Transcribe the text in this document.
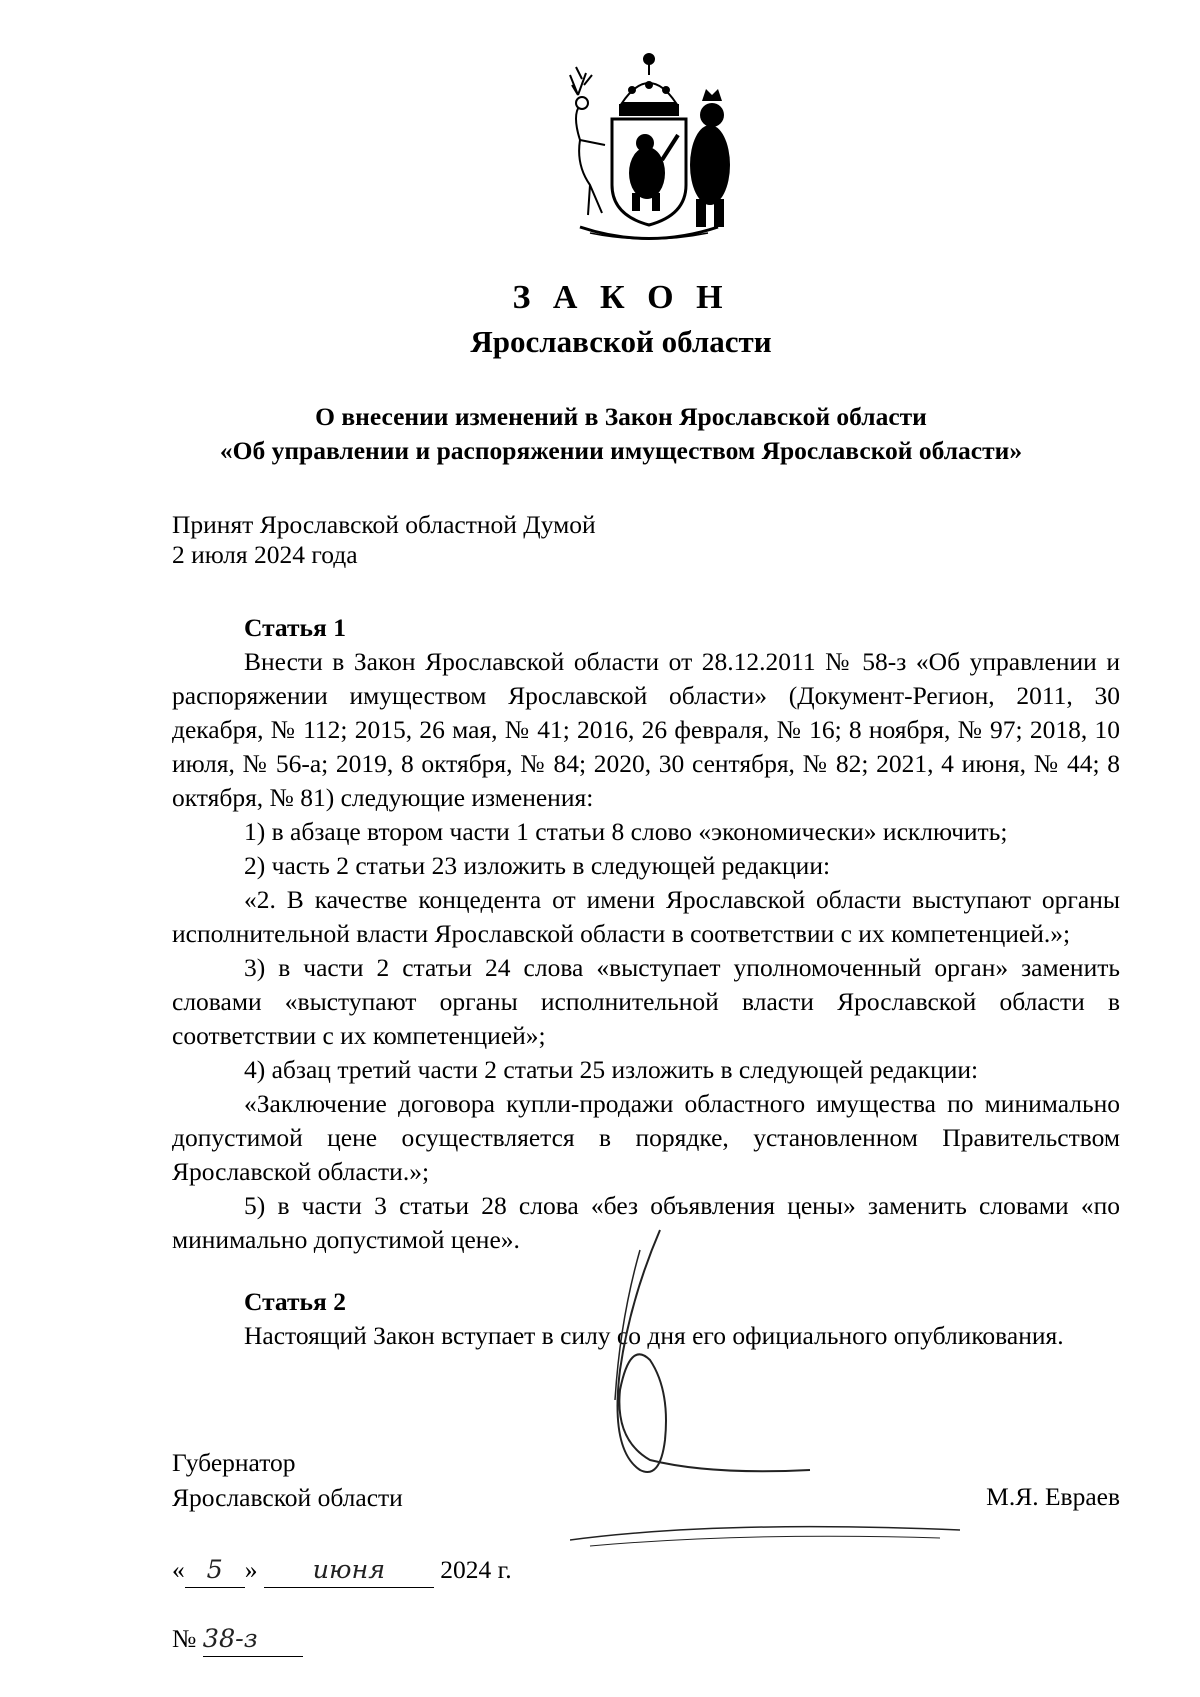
З А К О Н
Ярославской области
О внесении изменений в Закон Ярославской области
«Об управлении и распоряжении имуществом Ярославской области»
Принят Ярославской областной Думой
2 июля 2024 года

Статья 1

Внести в Закон Ярославской области от 28.12.2011 № 58-з «Об управлении и распоряжении имуществом Ярославской области» (Документ-Регион, 2011, 30 декабря, № 112; 2015, 26 мая, № 41; 2016, 26 февраля, № 16; 8 ноября, № 97; 2018, 10 июля, № 56-а; 2019, 8 октября, № 84; 2020, 30 сентября, № 82; 2021, 4 июня, № 44; 8 октября, № 81) следующие изменения:

1) в абзаце втором части 1 статьи 8 слово «экономически» исключить;

2) часть 2 статьи 23 изложить в следующей редакции:

«2. В качестве концедента от имени Ярославской области выступают органы исполнительной власти Ярославской области в соответствии с их компетенцией.»;

3) в части 2 статьи 24 слова «выступает уполномоченный орган» заменить словами «выступают органы исполнительной власти Ярославской области в соответствии с их компетенцией»;

4) абзац третий части 2 статьи 25 изложить в следующей редакции:

«Заключение договора купли-продажи областного имущества по минимально допустимой цене осуществляется в порядке, установленном Правительством Ярославской области.»;

5) в части 3 статьи 28 слова «без объявления цены» заменить словами «по минимально допустимой цене».

Статья 2

Настоящий Закон вступает в силу со дня его официального опубликования.

Губернатор
Ярославской области	М.Я. Евраев
« 5 » июня 2024 г.
№ 38-з
